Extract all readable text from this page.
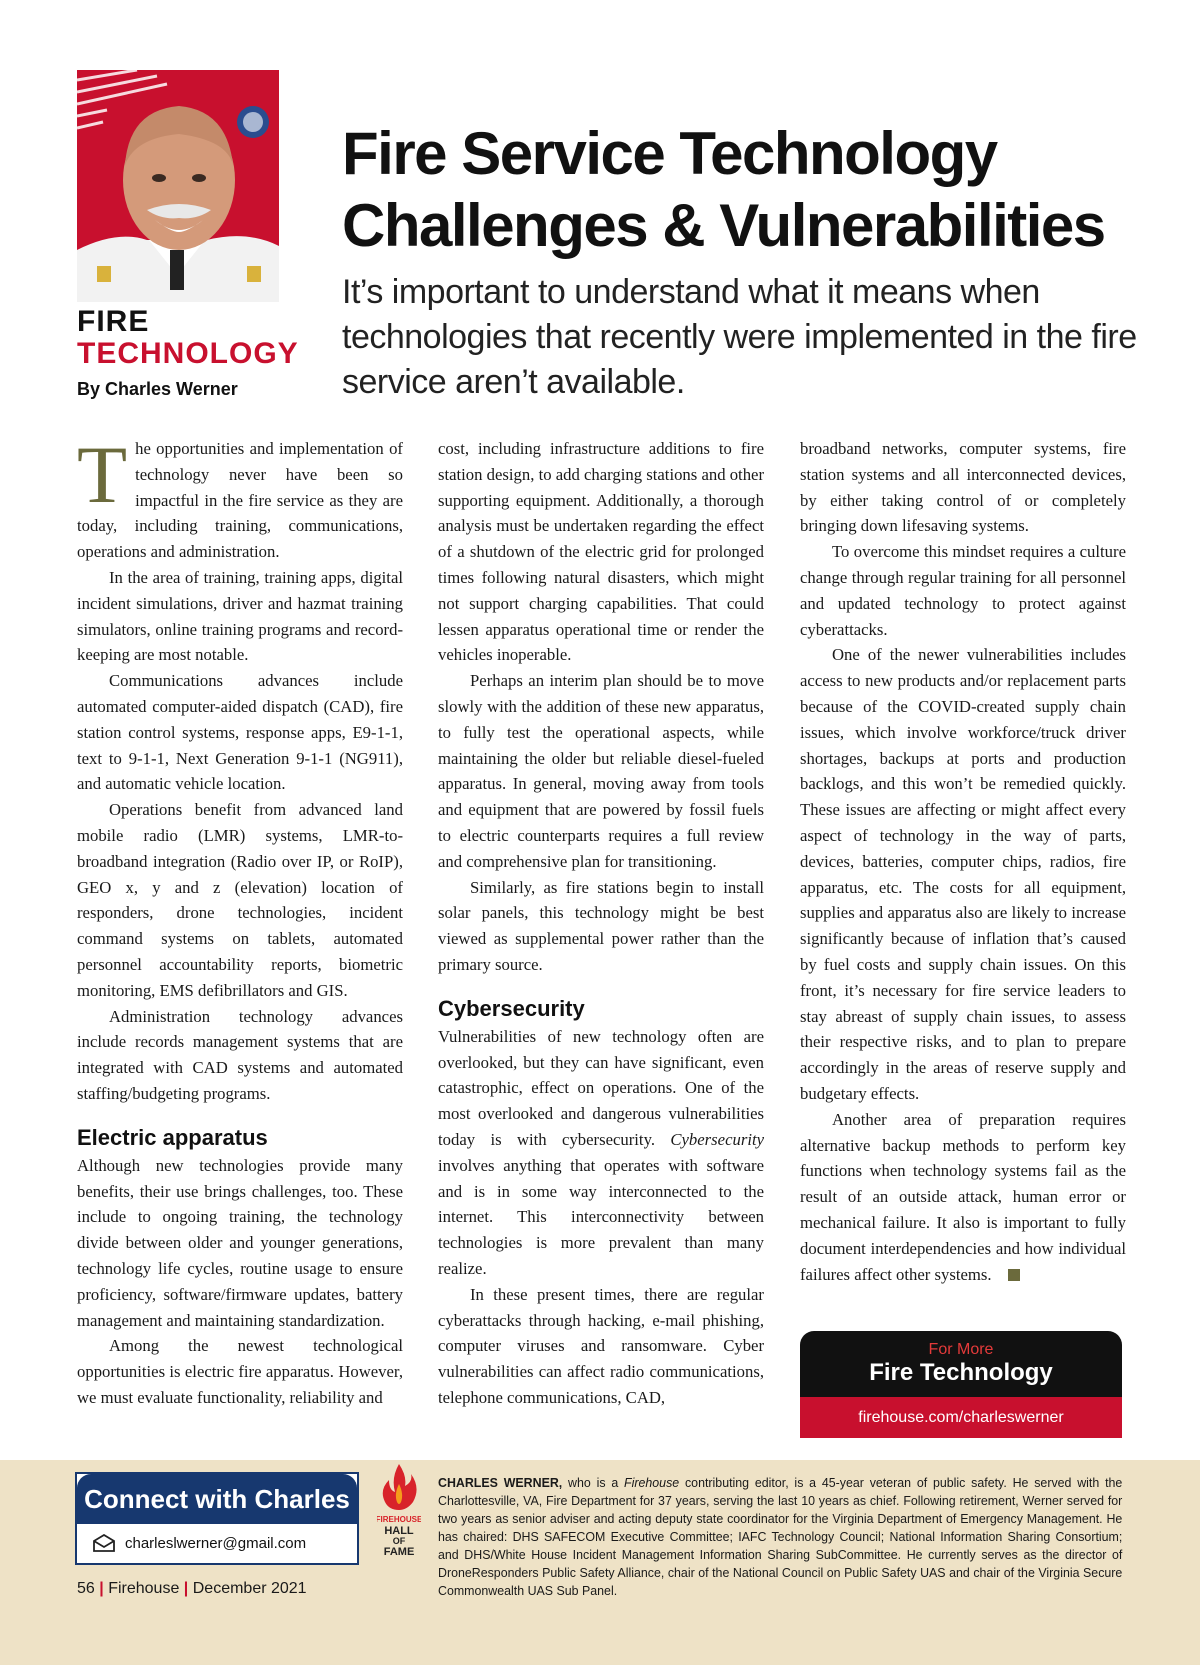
FIRE
TECHNOLOGY
By Charles Werner
Fire Service Technology Challenges & Vulnerabilities

It’s important to understand what it means when technologies that recently were implemented in the fire service aren’t available.

The opportunities and implementation of technology never have been so impactful in the fire service as they are today, including training, communications, operations and administration.

In the area of training, training apps, digital incident simulations, driver and hazmat training simulators, online training programs and record-keeping are most notable.

Communications advances include automated computer-aided dispatch (CAD), fire station control systems, response apps, E9-1-1, text to 9-1-1, Next Generation 9-1-1 (NG911), and automatic vehicle location.

Operations benefit from advanced land mobile radio (LMR) systems, LMR-to-broadband integration (Radio over IP, or RoIP), GEO x, y and z (elevation) location of responders, drone technologies, incident command systems on tablets, automated personnel accountability reports, biometric monitoring, EMS defibrillators and GIS.

Administration technology advances include records management systems that are integrated with CAD systems and automated staffing/budgeting programs.

Electric apparatus

Although new technologies provide many benefits, their use brings challenges, too. These include to ongoing training, the technology divide between older and younger generations, technology life cycles, routine usage to ensure proficiency, software/firmware updates, battery management and maintaining standardization.

Among the newest technological opportunities is electric fire apparatus. However, we must evaluate functionality, reliability and

cost, including infrastructure additions to fire station design, to add charging stations and other supporting equipment. Additionally, a thorough analysis must be undertaken regarding the effect of a shutdown of the electric grid for prolonged times following natural disasters, which might not support charging capabilities. That could lessen apparatus operational time or render the vehicles inoperable.

Perhaps an interim plan should be to move slowly with the addition of these new apparatus, to fully test the operational aspects, while maintaining the older but reliable diesel-fueled apparatus. In general, moving away from tools and equipment that are powered by fossil fuels to electric counterparts requires a full review and comprehensive plan for transitioning.

Similarly, as fire stations begin to install solar panels, this technology might be best viewed as supplemental power rather than the primary source.

Cybersecurity

Vulnerabilities of new technology often are overlooked, but they can have significant, even catastrophic, effect on operations. One of the most overlooked and dangerous vulnerabilities today is with cybersecurity. Cybersecurity involves anything that operates with software and is in some way interconnected to the internet. This interconnectivity between technologies is more prevalent than many realize.

In these present times, there are regular cyberattacks through hacking, e-mail phishing, computer viruses and ransomware. Cyber vulnerabilities can affect radio communications, telephone communications, CAD,

broadband networks, computer systems, fire station systems and all interconnected devices, by either taking control of or completely bringing down lifesaving systems.

To overcome this mindset requires a culture change through regular training for all personnel and updated technology to protect against cyberattacks.

One of the newer vulnerabilities includes access to new products and/or replacement parts because of the COVID-created supply chain issues, which involve workforce/truck driver shortages, backups at ports and production backlogs, and this won’t be remedied quickly. These issues are affecting or might affect every aspect of technology in the way of parts, devices, batteries, computer chips, radios, fire apparatus, etc. The costs for all equipment, supplies and apparatus also are likely to increase significantly because of inflation that’s caused by fuel costs and supply chain issues. On this front, it’s necessary for fire service leaders to stay abreast of supply chain issues, to assess their respective risks, and to plan to prepare accordingly in the areas of reserve supply and budgetary effects.

Another area of preparation requires alternative backup methods to perform key functions when technology systems fail as the result of an outside attack, human error or mechanical failure. It also is important to fully document interdependencies and how individual failures affect other systems.

For More
Fire Technology
firehouse.com/charleswerner
Connect with Charles
charleslwerner@gmail.com
FIREHOUSE
HALL
OF
FAME
CHARLES WERNER, who is a Firehouse contributing editor, is a 45-year veteran of public safety. He served with the Charlottesville, VA, Fire Department for 37 years, serving the last 10 years as chief. Following retirement, Werner served for two years as senior adviser and acting deputy state coordinator for the Virginia Department of Emergency Management. He has chaired: DHS SAFECOM Executive Committee; IAFC Technology Council; National Information Sharing Consortium; and DHS/White House Incident Management Information Sharing SubCommittee. He currently serves as the director of DroneResponders Public Safety Alliance, chair of the National Council on Public Safety UAS and chair of the Virginia Secure Commonwealth UAS Sub Panel.
56 | Firehouse | December 2021
